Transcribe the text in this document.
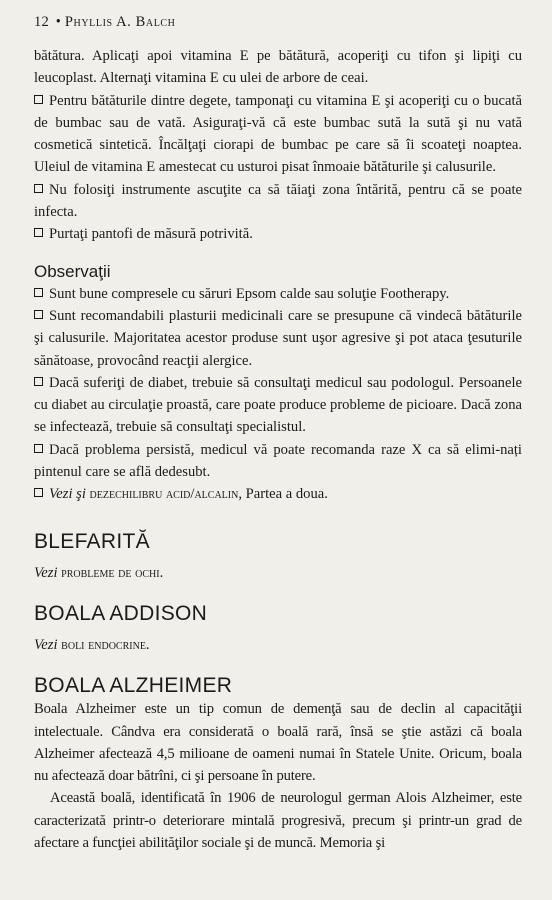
12 • Phyllis A. Balch

bătătura. Aplicaţi apoi vitamina E pe bătătură, acoperiţi cu tifon şi lipiţi cu leucoplast. Alternaţi vitamina E cu ulei de arbore de ceai.

Pentru bătăturile dintre degete, tamponaţi cu vitamina E şi acoperiţi cu o bucată de bumbac sau de vată. Asiguraţi-vă că este bumbac sută la sută şi nu vată cosmetică sintetică. Încălţaţi ciorapi de bumbac pe care să îi scoateţi noaptea. Uleiul de vitamina E amestecat cu usturoi pisat înmoaie bătăturile şi calusurile.

Nu folosiţi instrumente ascuţite ca să tăiaţi zona întărită, pentru că se poate infecta.

Purtaţi pantofi de măsură potrivită.

Observaţii

Sunt bune compresele cu săruri Epsom calde sau soluţie Footherapy.

Sunt recomandabili plasturii medicinali care se presupune că vindecă bătăturile şi calusurile. Majoritatea acestor produse sunt uşor agresive şi pot ataca ţesuturile sănătoase, provocând reacţii alergice.

Dacă suferiţi de diabet, trebuie să consultaţi medicul sau podologul. Persoanele cu diabet au circulaţie proastă, care poate produce probleme de picioare. Dacă zona se infectează, trebuie să consultaţi specialistul.

Dacă problema persistă, medicul vă poate recomanda raze X ca să elimi-nați pintenul care se află dedesubt.

Vezi şi dezechilibru acid/alcalin, Partea a doua.

BLEFARITĂ

Vezi probleme de ochi.

BOALA ADDISON

Vezi boli endocrine.

BOALA ALZHEIMER

Boala Alzheimer este un tip comun de demenţă sau de declin al capacităţii intelectuale. Cândva era considerată o boală rară, însă se ştie astăzi că boala Alzheimer afectează 4,5 milioane de oameni numai în Statele Unite. Oricum, boala nu afectează doar bătrîni, ci şi persoane în putere.

Această boală, identificată în 1906 de neurologul german Alois Alzheimer, este caracterizată printr-o deteriorare mintală progresivă, precum şi printr-un grad de afectare a funcţiei abilităţilor sociale şi de muncă. Memoria şi
